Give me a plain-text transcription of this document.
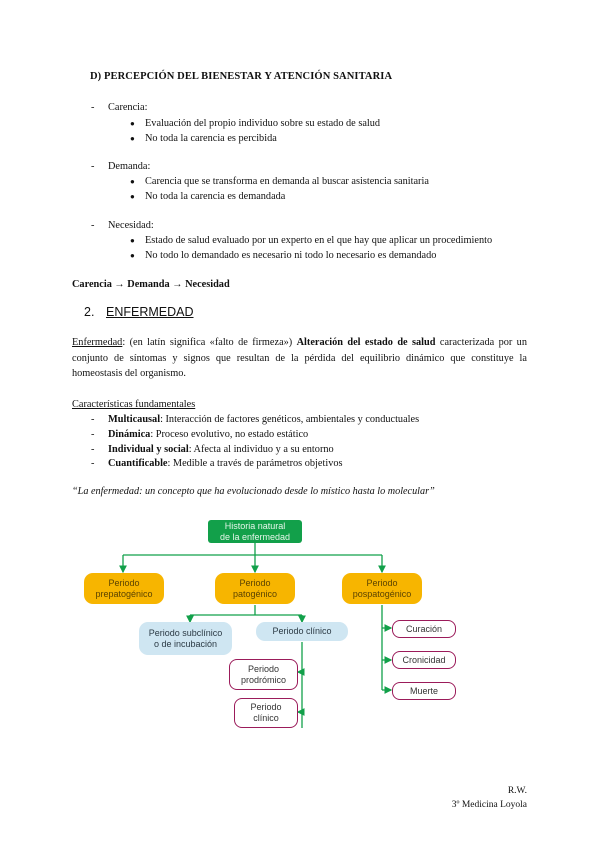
D) PERCEPCIÓN DEL BIENESTAR Y ATENCIÓN SANITARIA
- Carencia:
● Evaluación del propio individuo sobre su estado de salud
● No toda la carencia es percibida
- Demanda:
● Carencia que se transforma en demanda al buscar asistencia sanitaria
● No toda la carencia es demandada
- Necesidad:
● Estado de salud evaluado por un experto en el que hay que aplicar un procedimiento
● No todo lo demandado es necesario ni todo lo necesario es demandado
Carencia → Demanda → Necesidad
2. ENFERMEDAD
Enfermedad: (en latín significa «falto de firmeza») Alteración del estado de salud caracterizada por un conjunto de síntomas y signos que resultan de la pérdida del equilibrio dinámico que constituye la homeostasis del organismo.
Características fundamentales
- Multicausal: Interacción de factores genéticos, ambientales y conductuales
- Dinámica: Proceso evolutivo, no estado estático
- Individual y social: Afecta al individuo y a su entorno
- Cuantificable: Medible a través de parámetros objetivos
“La enfermedad: un concepto que ha evolucionado desde lo místico hasta lo molecular”
Historia natural
de la enfermedad
Periodo
prepatogénico
Periodo
patogénico
Periodo
pospatogénico
Periodo subclínico
o de incubación
Periodo clínico
Periodo
prodrómico
Periodo
clínico
Curación
Cronicidad
Muerte
R.W.
3º Medicina Loyola
